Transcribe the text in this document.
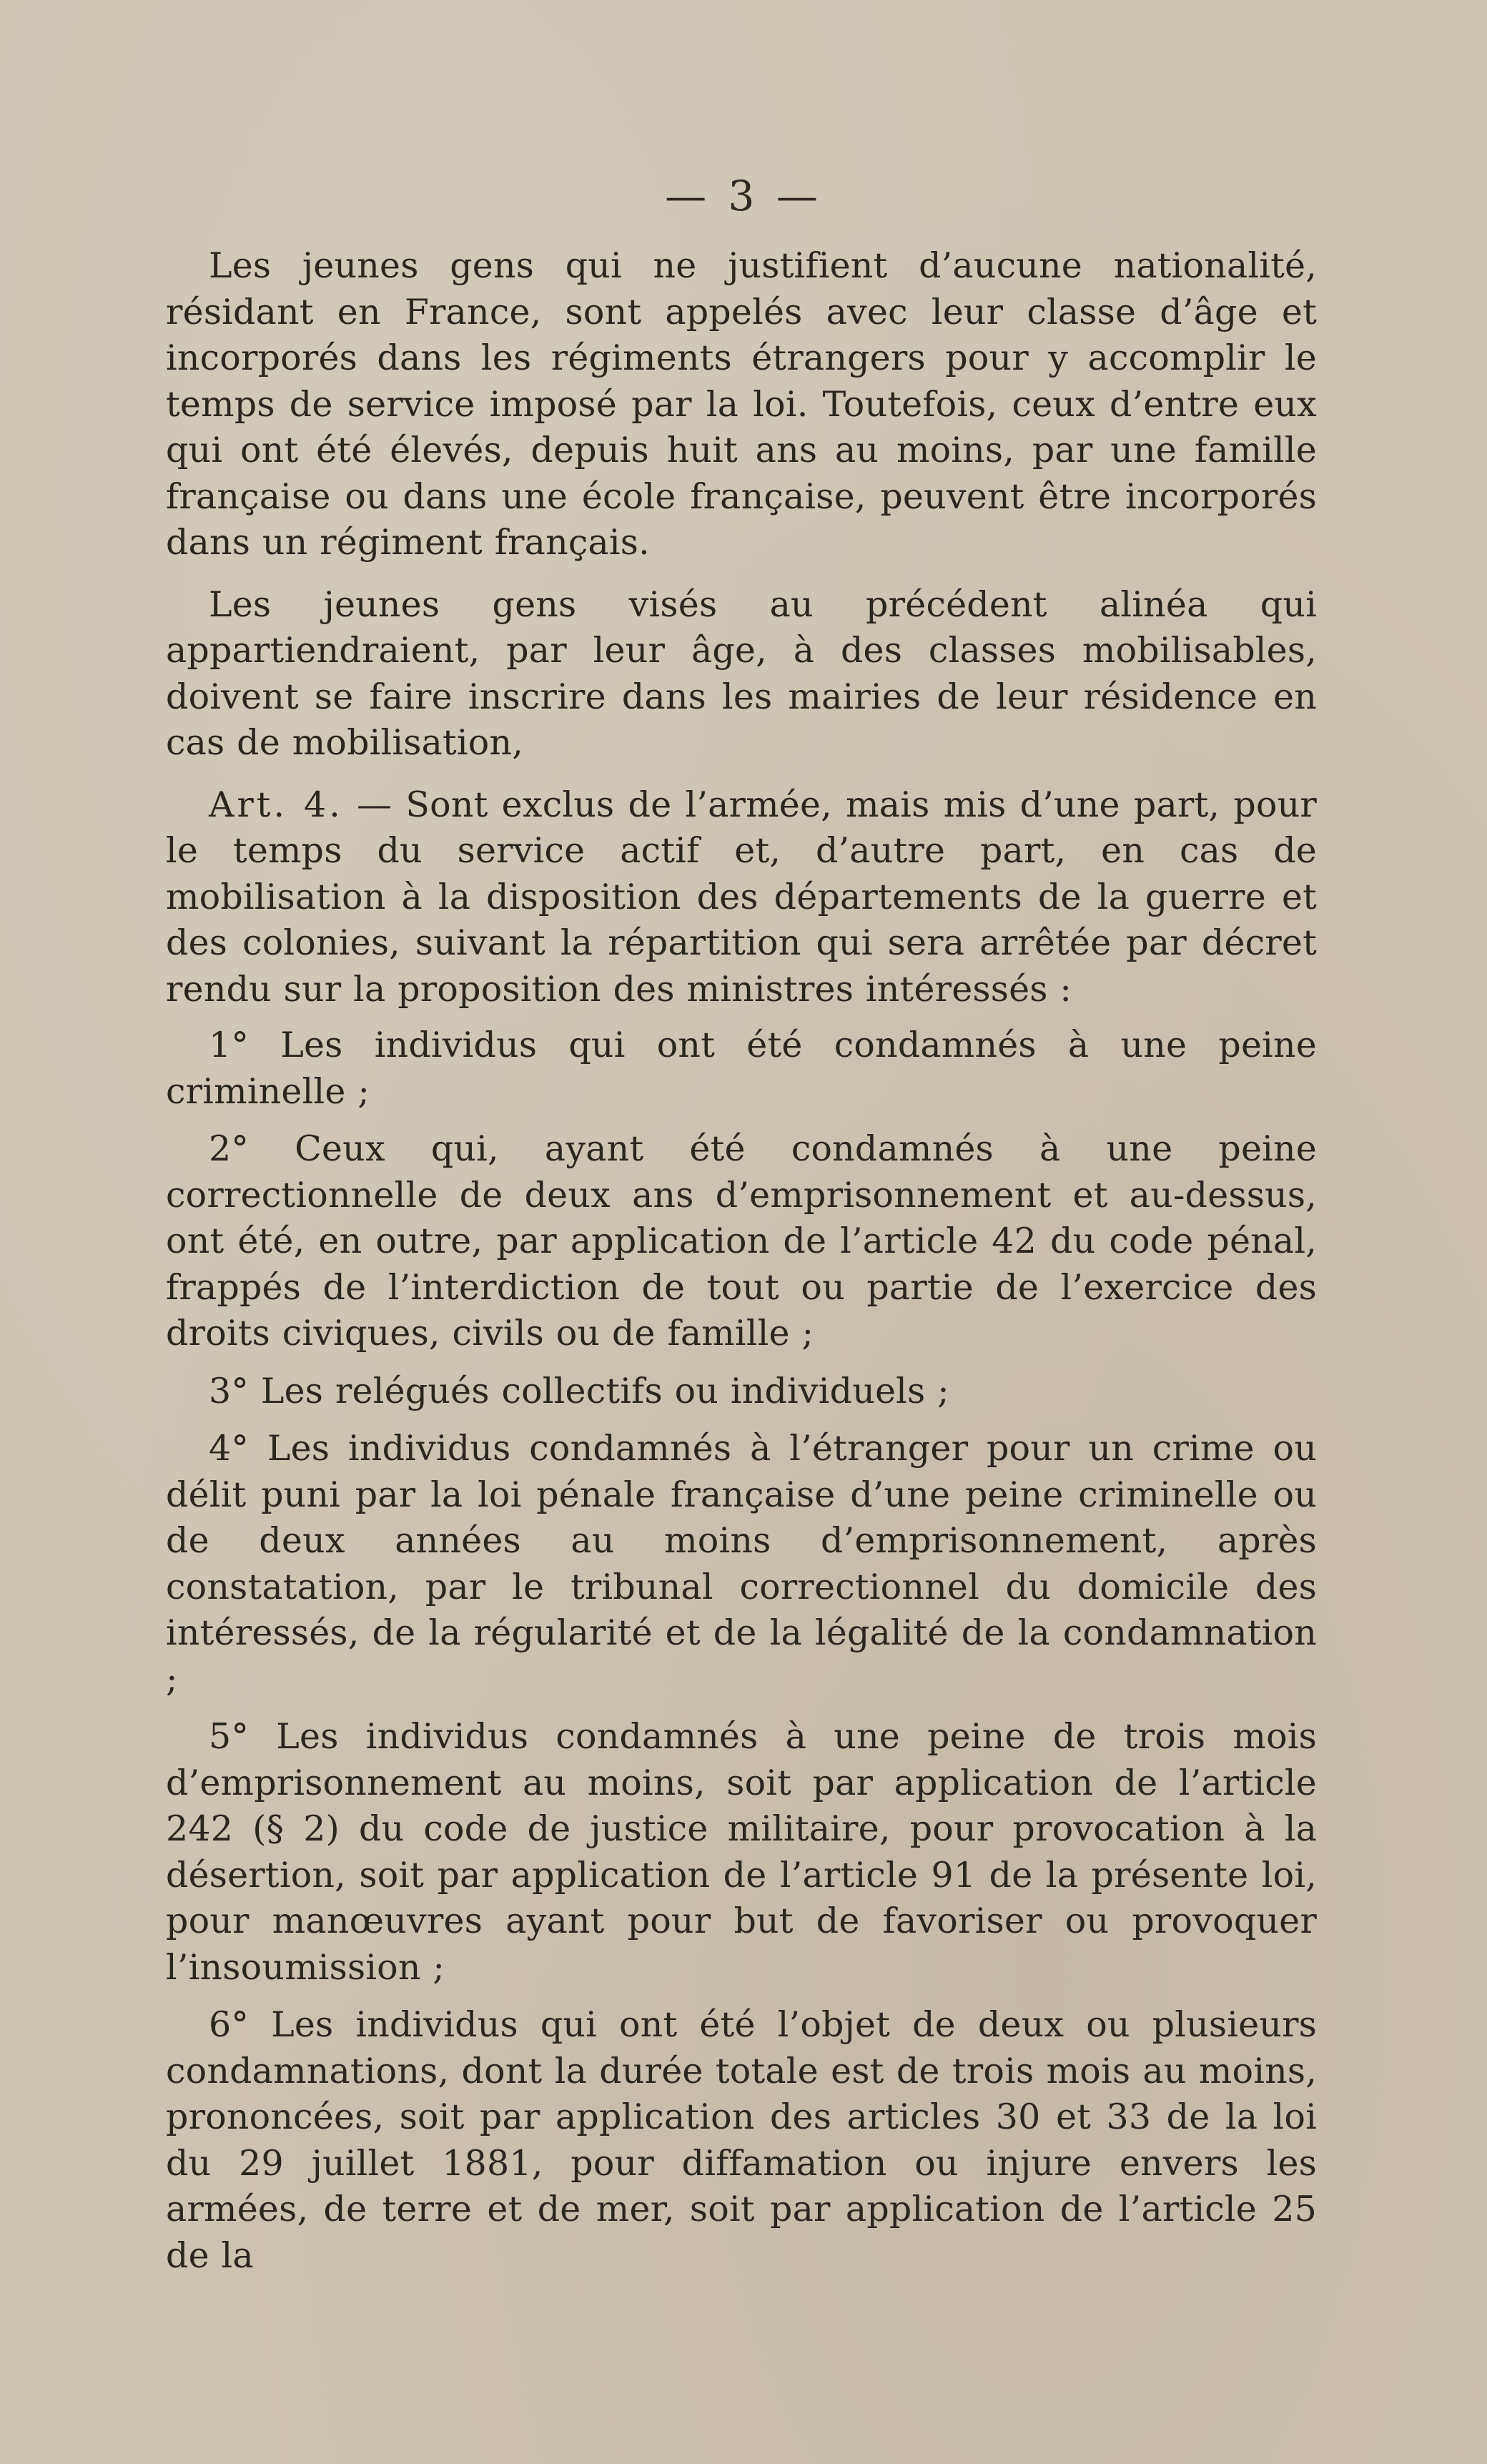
— 3 —

Les jeunes gens qui ne justifient d’aucune nationalité, résidant en France, sont appelés avec leur classe d’âge et incorporés dans les régiments étrangers pour y accomplir le temps de service imposé par la loi. Toutefois, ceux d’entre eux qui ont été élevés, depuis huit ans au moins, par une famille française ou dans une école française, peuvent être incorporés dans un régiment français.

Les jeunes gens visés au précédent alinéa qui appartiendraient, par leur âge, à des classes mobilisables, doivent se faire inscrire dans les mairies de leur résidence en cas de mobilisation,

Art. 4. — Sont exclus de l’armée, mais mis d’une part, pour le temps du service actif et, d’autre part, en cas de mobilisation à la disposition des départements de la guerre et des colonies, suivant la répartition qui sera arrêtée par décret rendu sur la proposition des ministres intéressés :

1° Les individus qui ont été condamnés à une peine criminelle ;

2° Ceux qui, ayant été condamnés à une peine correctionnelle de deux ans d’emprisonnement et au-dessus, ont été, en outre, par application de l’article 42 du code pénal, frappés de l’interdiction de tout ou partie de l’exercice des droits civiques, civils ou de famille ;

3° Les relégués collectifs ou individuels ;

4° Les individus condamnés à l’étranger pour un crime ou délit puni par la loi pénale française d’une peine criminelle ou de deux années au moins d’emprisonnement, après constatation, par le tribunal correctionnel du domicile des intéressés, de la régularité et de la légalité de la condamnation ;

5° Les individus condamnés à une peine de trois mois d’emprisonnement au moins, soit par application de l’article 242 (§ 2) du code de justice militaire, pour provocation à la désertion, soit par application de l’article 91 de la présente loi, pour manœuvres ayant pour but de favoriser ou provoquer l’insoumission ;

6° Les individus qui ont été l’objet de deux ou plusieurs condamnations, dont la durée totale est de trois mois au moins, prononcées, soit par application des articles 30 et 33 de la loi du 29 juillet 1881, pour diffamation ou injure envers les armées, de terre et de mer, soit par application de l’article 25 de la
